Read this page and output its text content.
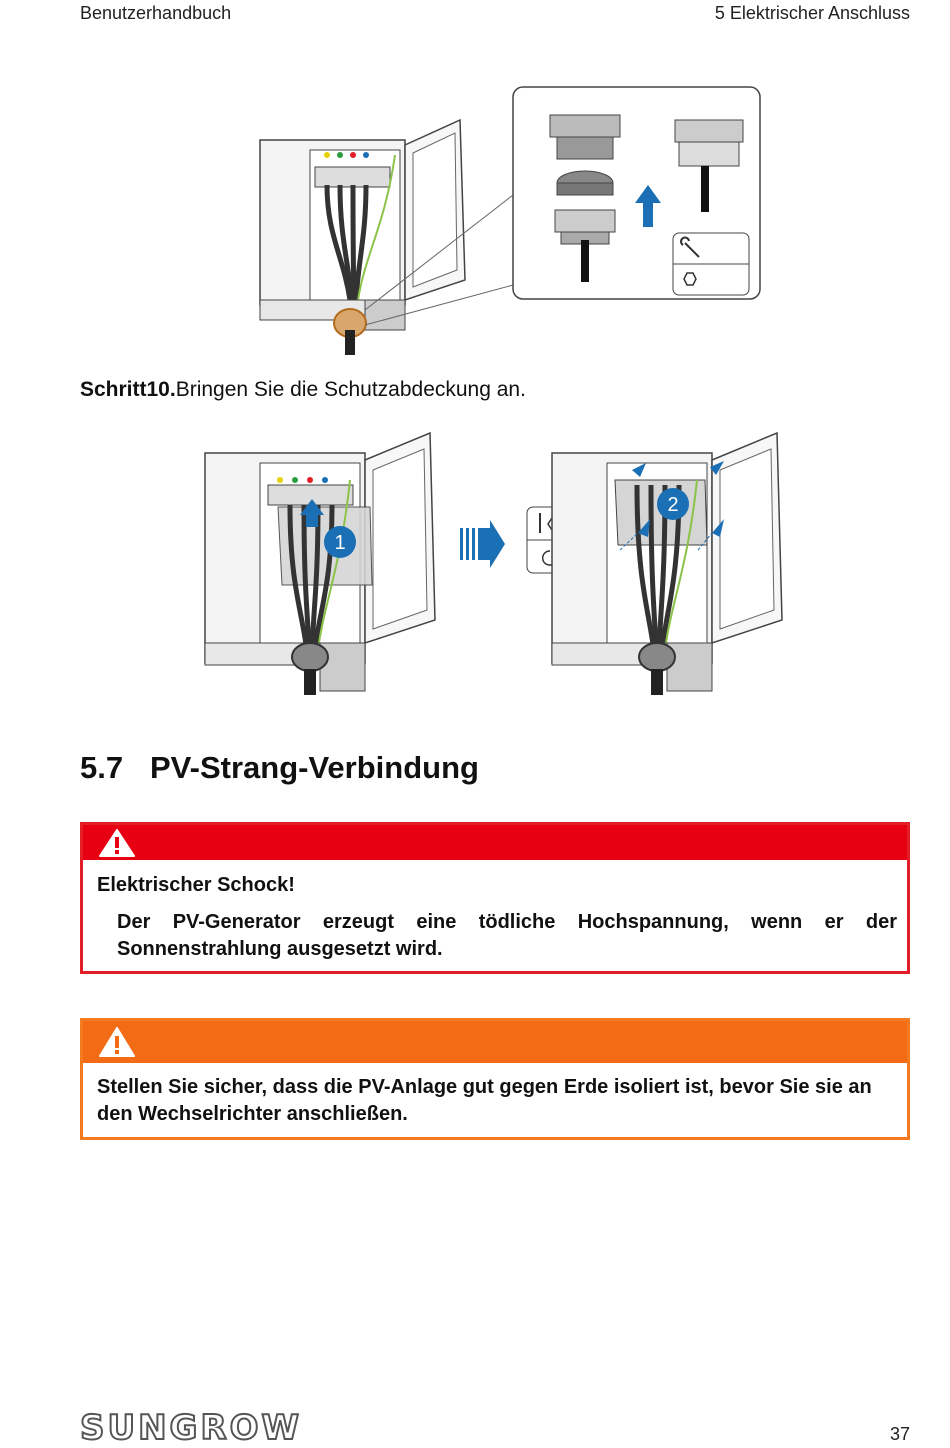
Benutzerhandbuch	5 Elektrischer Anschluss
Schritt10.Bringen Sie die Schutzabdeckung an.
1
2
5.7 PV-Strang-Verbindung
Elektrischer Schock!
Der PV-Generator erzeugt eine tödliche Hochspannung, wenn er der Sonnenstrahlung ausgesetzt wird.
Stellen Sie sicher, dass die PV-Anlage gut gegen Erde isoliert ist, bevor Sie sie an den Wechselrichter anschließen.
SUNGROW	37
